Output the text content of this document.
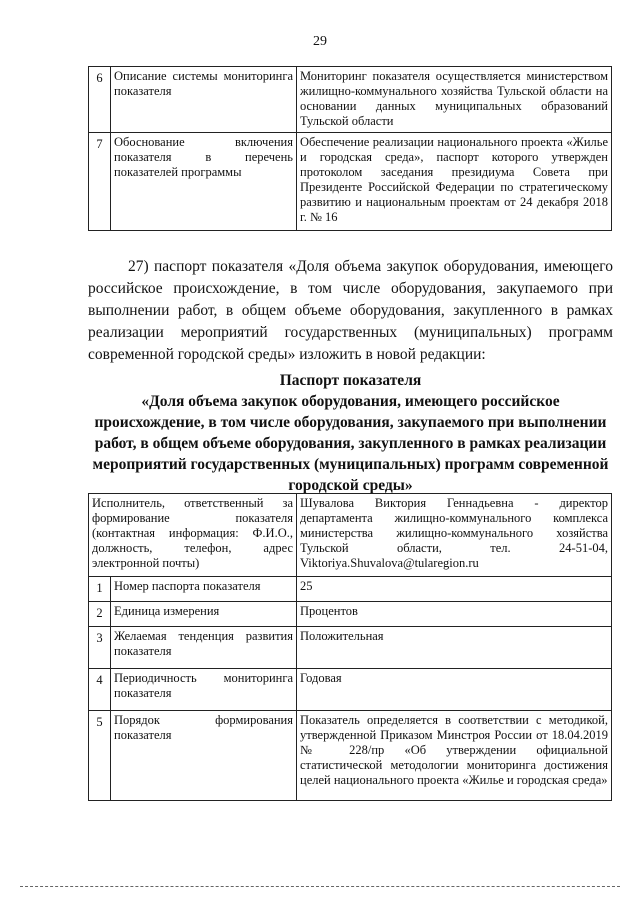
29
6	Описание системы мониторинга показателя	Мониторинг показателя осуществляется министерством жилищно-коммунального хозяйства Тульской области на основании данных муниципальных образований Тульской области
7	Обоснование включения показателя в перечень показателей программы	Обеспечение реализации национального проекта «Жилье и городская среда», паспорт которого утвержден протоколом заседания президиума Совета при Президенте Российской Федерации по стратегическому развитию и национальным проектам от 24 декабря 2018 г. № 16
27) паспорт показателя «Доля объема закупок оборудования, имеющего российское происхождение, в том числе оборудования, закупаемого при выполнении работ, в общем объеме оборудования, закупленного в рамках реализации мероприятий государственных (муниципальных) программ современной городской среды» изложить в новой редакции:
Паспорт показателя
«Доля объема закупок оборудования, имеющего российское происхождение, в том числе оборудования, закупаемого при выполнении работ, в общем объеме оборудования, закупленного в рамках реализации мероприятий государственных (муниципальных) программ современной городской среды»
Исполнитель, ответственный за формирование показателя (контактная информация: Ф.И.О., должность, телефон, адрес электронной почты)		Шувалова Виктория Геннадьевна - директор департамента жилищно-коммунального комплекса министерства жилищно-коммунального хозяйства Тульской области, тел. 24-51-04, Viktoriya.Shuvalova@tularegion.ru
1	Номер паспорта показателя	25
2	Единица измерения	Процентов
3	Желаемая тенденция развития показателя	Положительная
4	Периодичность мониторинга показателя	Годовая
5	Порядок формирования показателя	Показатель определяется в соответствии с методикой, утвержденной Приказом Минстроя России от 18.04.2019 № 228/пр «Об утверждении официальной статистической методологии мониторинга достижения целей национального проекта «Жилье и городская среда»
